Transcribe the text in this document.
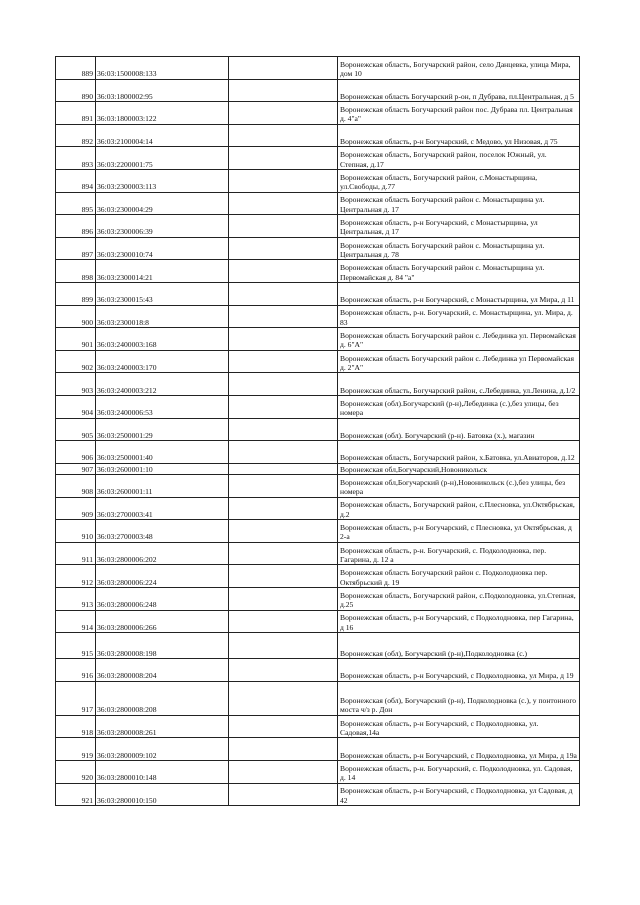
889	36:03:1500008:133		Воронежская область, Богучарский район, село Данцевка, улица Мира, дом 10
890	36:03:1800002:95		Воронежская область Богучарский р-он, п Дубрава, пл.Центральная, д 5
891	36:03:1800003:122		Воронежская область Богучарский район пос. Дубрава пл. Центральная д. 4"а"
892	36:03:2100004:14		Воронежская область, р-н Богучарский, с Медово, ул Низовая, д 75
893	36:03:2200001:75		Воронежская область, Богучарский район, поселок Южный, ул. Степная, д.17
894	36:03:2300003:113		Воронежская область, Богучарский район, с.Монастырщина, ул.Свободы, д.77
895	36:03:2300004:29		Воронежская область Богучарский район с. Монастырщина ул. Центральная д. 17
896	36:03:2300006:39		Воронежская область, р-н Богучарский, с Монастырщина, ул Центральная, д 17
897	36:03:2300010:74		Воронежская область Богучарский район с. Монастырщина ул. Центральная д. 78
898	36:03:2300014:21		Воронежская область Богучарский район с. Монастырщина ул. Первомайская д. 84 "а"
899	36:03:2300015:43		Воронежская область, р-н Богучарский, с Монастырщина, ул Мира, д 11
900	36:03:2300018:8		Воронежская область, р-н. Богучарский, с. Монастырщина, ул. Мира, д. 83
901	36:03:2400003:168		Воронежская область Богучарский район с. Лебединка ул. Первомайская д. 6"А"
902	36:03:2400003:170		Воронежская область Богучарский район с. Лебединка ул Первомайская д. 2"А"
903	36:03:2400003:212		Воронежская область, Богучарский район, с.Лебединка, ул.Ленина, д.1/2
904	36:03:2400006:53		Воронежская (обл).Богучарский (р-н),Лебединка (с.),без улицы, без номера
905	36:03:2500001:29		Воронежская (обл). Богучарский (р-н). Батовка (х.), магазин
906	36:03:2500001:40		Воронежская область, Богучарский район, х.Батовка, ул.Авиаторов, д.12
907	36:03:2600001:10		Воронежская обл,Богучарский,Новоникольск
908	36:03:2600001:11		Воронежская обл,Богучарский (р-н),Новоникольск (с.),без улицы, без номера
909	36:03:2700003:41		Воронежская область, Богучарский район, с.Плесновка, ул.Октябрьская, д.2
910	36:03:2700003:48		Воронежская область, р-н Богучарский, с Плесновка, ул Октябрьская, д 2-а
911	36:03:2800006:202		Воронежская область, р-н. Богучарский, с. Подколодновка, пер. Гагарина, д. 12 а
912	36:03:2800006:224		Воронежская область Богучарский район с. Подколодновка пер. Октябрьский д. 19
913	36:03:2800006:248		Воронежская область, Богучарский район, с.Подколодновка, ул.Степная, д.25
914	36:03:2800006:266		Воронежская область, р-н Богучарский, с Подколодновка, пер Гагарина, д 16
915	36:03:2800008:198		Воронежская (обл), Богучарский (р-н),Подколодновка (с.)
916	36:03:2800008:204		Воронежская область, р-н Богучарский, с Подколодновка, ул Мира, д 19
917	36:03:2800008:208		Воронежская (обл), Богучарский (р-н), Подколодновка (с.), у понтонного моста ч/з р. Дон
918	36:03:2800008:261		Воронежская область, р-н Богучарский, с Подколодновка, ул. Садовая,14а
919	36:03:2800009:102		Воронежская область, р-н Богучарский, с Подколодновка, ул Мира, д 19а
920	36:03:2800010:148		Воронежская область, р-н. Богучарский, с. Подколодновка, ул. Садовая, д. 14
921	36:03:2800010:150		Воронежская область, р-н Богучарский, с Подколодновка, ул Садовая, д 42
